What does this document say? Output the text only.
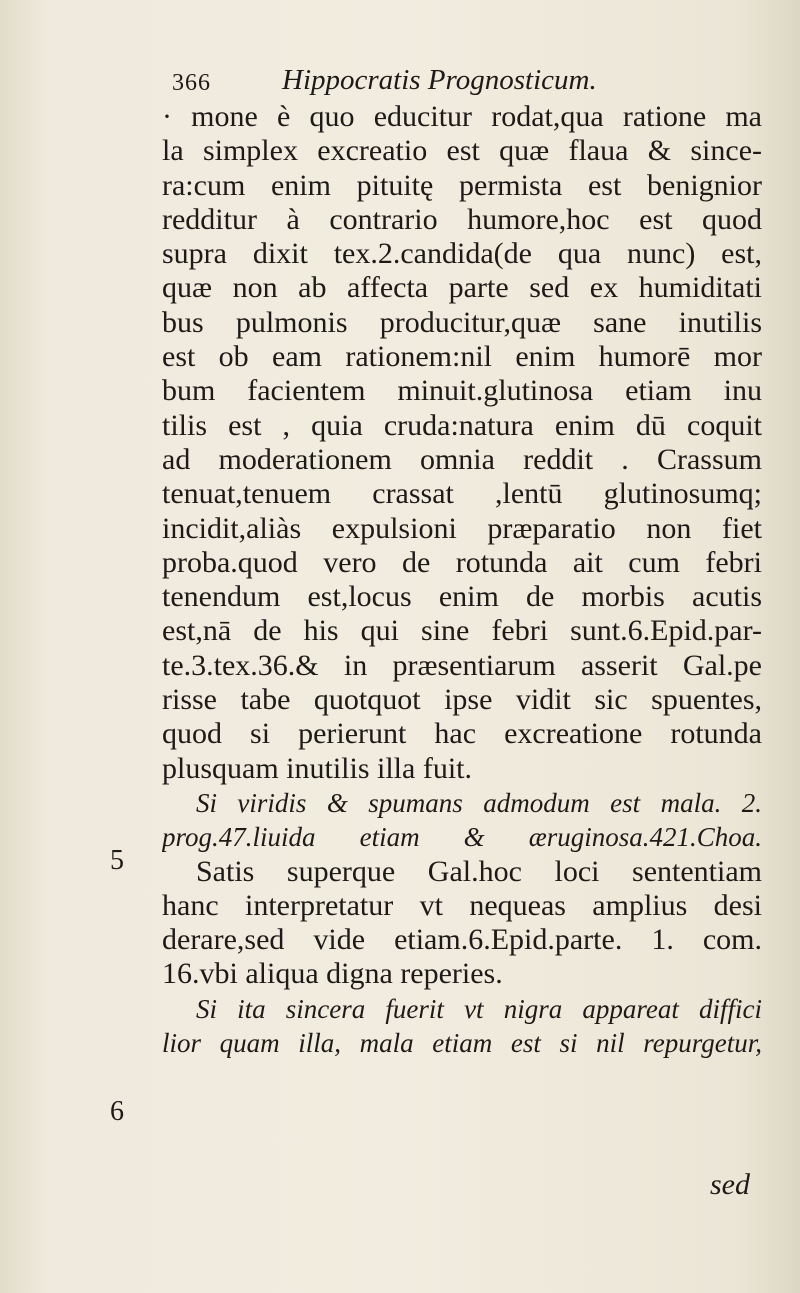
366 Hippocratis Prognosticum.
· mone è quo educitur rodat,qua ratione ma
la simplex excreatio est quæ flaua & since-
ra:cum enim pituitę permista est benignior
redditur à contrario humore,hoc est quod
supra dixit tex.2.candida(de qua nunc) est,
quæ non ab affecta parte sed ex humiditati
bus pulmonis producitur,quæ sane inutilis
est ob eam rationem:nil enim humorē mor
bum facientem minuit.glutinosa etiam inu
tilis est , quia cruda:natura enim dū coquit
ad moderationem omnia reddit . Crassum
tenuat,tenuem crassat ,lentū glutinosumq;
incidit,aliàs expulsioni præparatio non fiet
proba.quod vero de rotunda ait cum febri
tenendum est,locus enim de morbis acutis
est,nā de his qui sine febri sunt.6.Epid.par-
te.3.tex.36.& in præsentiarum asserit Gal.pe
risse tabe quotquot ipse vidit sic spuentes,
quod si perierunt hac excreatione rotunda
plusquam inutilis illa fuit.
Si viridis & spumans admodum est mala. 2.
prog.47.liuida etiam & æruginosa.421.Choa.
Satis superque Gal.hoc loci sententiam
hanc interpretatur vt nequeas amplius desi
derare,sed vide etiam.6.Epid.parte. 1. com.
16.vbi aliqua digna reperies.
Si ita sincera fuerit vt nigra appareat diffici
lior quam illa, mala etiam est si nil repurgetur,
5
6
sed
